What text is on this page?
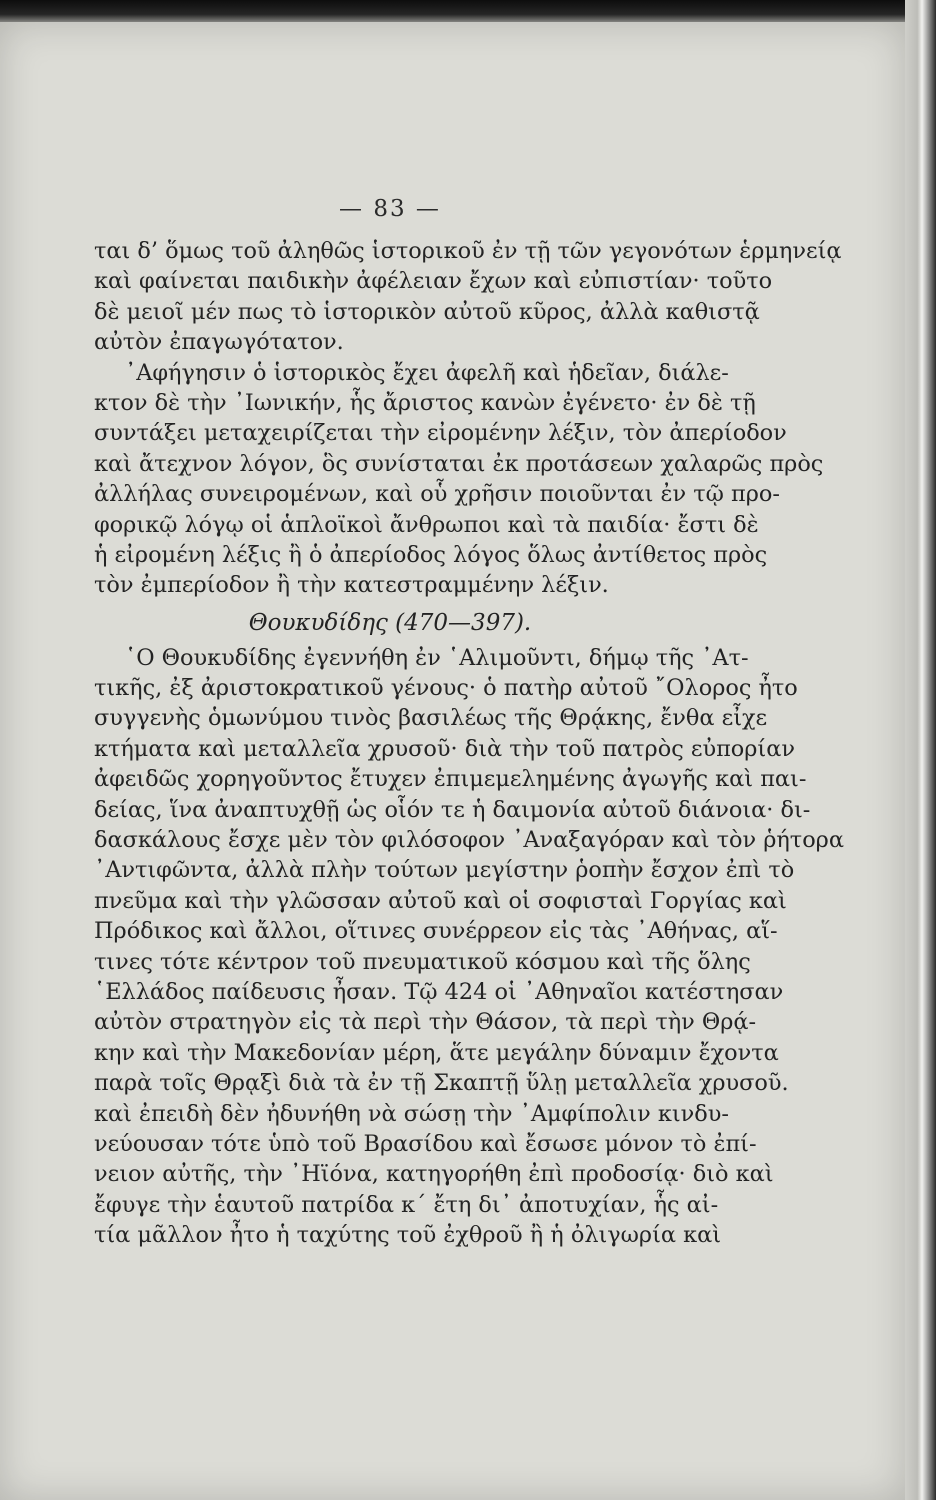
— 83 —
ται δ’ ὅμως τοῦ ἀληθῶς ἱστορικοῦ ἐν τῇ τῶν γεγονότων ἑρμηνείᾳ
καὶ φαίνεται παιδικὴν ἀφέλειαν ἔχων καὶ εὐπιστίαν· τοῦτο
δὲ μειοῖ μέν πως τὸ ἱστορικὸν αὐτοῦ κῦρος, ἀλλὰ καθιστᾷ
αὐτὸν ἐπαγωγότατον.
᾿Αφήγησιν ὁ ἱστορικὸς ἔχει ἀφελῆ καὶ ἡδεῖαν, διάλε-
κτον δὲ τὴν ᾿Ιωνικήν, ἧς ἄριστος κανὼν ἐγένετο· ἐν δὲ τῇ
συντάξει μεταχειρίζεται τὴν εἰρομένην λέξιν, τὸν ἀπερίοδον
καὶ ἄτεχνον λόγον, ὃς συνίσταται ἐκ προτάσεων χαλαρῶς πρὸς
ἀλλήλας συνειρομένων, καὶ οὗ χρῆσιν ποιοῦνται ἐν τῷ προ-
φορικῷ λόγῳ οἱ ἁπλοϊκοὶ ἄνθρωποι καὶ τὰ παιδία· ἔστι δὲ
ἡ εἰρομένη λέξις ἢ ὁ ἀπερίοδος λόγος ὅλως ἀντίθετος πρὸς
τὸν ἐμπερίοδον ἢ τὴν κατεστραμμένην λέξιν.
Θουκυδίδης (470—397).
῾Ο Θουκυδίδης ἐγεννήθη ἐν ῾Αλιμοῦντι, δήμῳ τῆς ᾿Ατ-
τικῆς, ἐξ ἀριστοκρατικοῦ γένους· ὁ πατὴρ αὐτοῦ ῎Ολορος ἦτο
συγγενὴς ὁμωνύμου τινὸς βασιλέως τῆς Θρᾴκης, ἔνθα εἶχε
κτήματα καὶ μεταλλεῖα χρυσοῦ· διὰ τὴν τοῦ πατρὸς εὐπορίαν
ἀφειδῶς χορηγοῦντος ἔτυχεν ἐπιμεμελημένης ἀγωγῆς καὶ παι-
δείας, ἵνα ἀναπτυχθῇ ὡς οἷόν τε ἡ δαιμονία αὐτοῦ διάνοια· δι-
δασκάλους ἔσχε μὲν τὸν φιλόσοφον ᾿Αναξαγόραν καὶ τὸν ῥήτορα
᾿Αντιφῶντα, ἀλλὰ πλὴν τούτων μεγίστην ῥοπὴν ἔσχον ἐπὶ τὸ
πνεῦμα καὶ τὴν γλῶσσαν αὐτοῦ καὶ οἱ σοφισταὶ Γοργίας καὶ
Πρόδικος καὶ ἄλλοι, οἵτινες συνέρρεον εἰς τὰς ᾿Αθήνας, αἵ-
τινες τότε κέντρον τοῦ πνευματικοῦ κόσμου καὶ τῆς ὅλης
῾Ελλάδος παίδευσις ἦσαν. Τῷ 424 οἱ ᾿Αθηναῖοι κατέστησαν
αὐτὸν στρατηγὸν εἰς τὰ περὶ τὴν Θάσον, τὰ περὶ τὴν Θρᾴ-
κην καὶ τὴν Μακεδονίαν μέρη, ἅτε μεγάλην δύναμιν ἔχοντα
παρὰ τοῖς Θρᾳξὶ διὰ τὰ ἐν τῇ Σκαπτῇ ὕλῃ μεταλλεῖα χρυσοῦ.
καὶ ἐπειδὴ δὲν ἠδυνήθη νὰ σώσῃ τὴν ᾿Αμφίπολιν κινδυ-
νεύουσαν τότε ὑπὸ τοῦ Βρασίδου καὶ ἔσωσε μόνον τὸ ἐπί-
νειον αὐτῆς, τὴν ᾿Ηϊόνα, κατηγορήθη ἐπὶ προδοσίᾳ· διὸ καὶ
ἔφυγε τὴν ἑαυτοῦ πατρίδα κ΄ ἔτη δι᾿ ἀποτυχίαν, ἧς αἰ-
τία μᾶλλον ἦτο ἡ ταχύτης τοῦ ἐχθροῦ ἢ ἡ ὀλιγωρία καὶ
